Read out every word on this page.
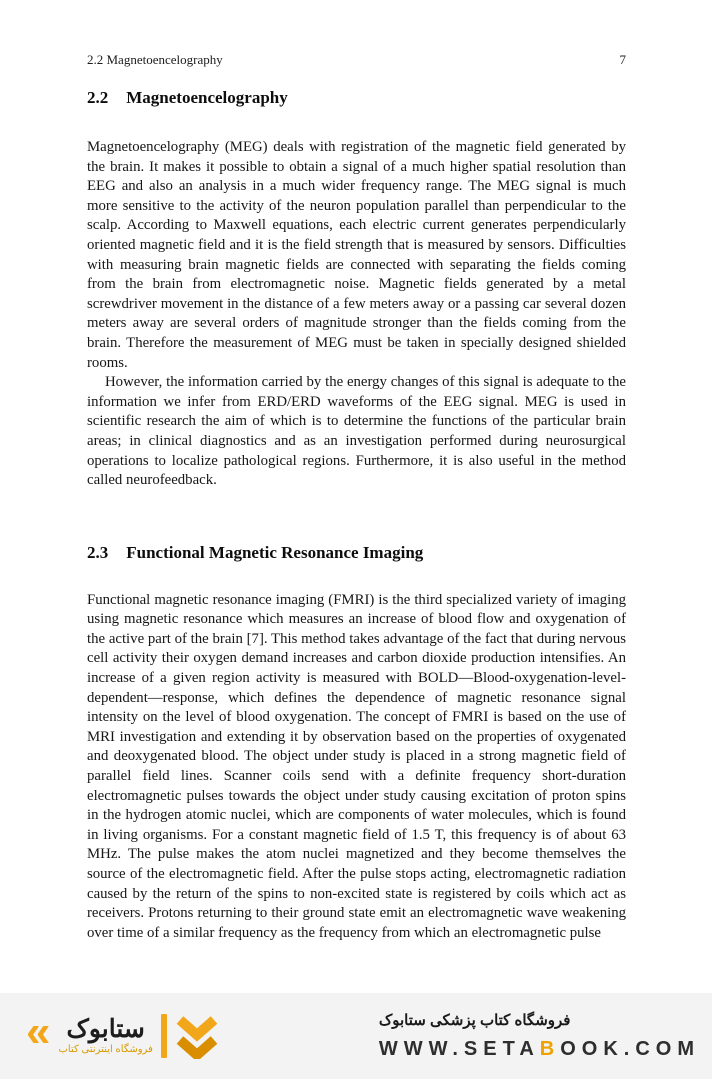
2.2 Magnetoencelography	7
2.2 Magnetoencelography

Magnetoencelography (MEG) deals with registration of the magnetic field generated by the brain. It makes it possible to obtain a signal of a much higher spatial resolution than EEG and also an analysis in a much wider frequency range. The MEG signal is much more sensitive to the activity of the neuron population parallel than perpendicular to the scalp. According to Maxwell equations, each electric current generates perpendicularly oriented magnetic field and it is the field strength that is measured by sensors. Difficulties with measuring brain magnetic fields are connected with separating the fields coming from the brain from electromagnetic noise. Magnetic fields generated by a metal screwdriver movement in the distance of a few meters away or a passing car several dozen meters away are several orders of magnitude stronger than the fields coming from the brain. Therefore the measurement of MEG must be taken in specially designed shielded rooms.

However, the information carried by the energy changes of this signal is adequate to the information we infer from ERD/ERD waveforms of the EEG signal. MEG is used in scientific research the aim of which is to determine the functions of the particular brain areas; in clinical diagnostics and as an investigation performed during neurosurgical operations to localize pathological regions. Furthermore, it is also useful in the method called neurofeedback.

2.3 Functional Magnetic Resonance Imaging

Functional magnetic resonance imaging (FMRI) is the third specialized variety of imaging using magnetic resonance which measures an increase of blood flow and oxygenation of the active part of the brain [7]. This method takes advantage of the fact that during nervous cell activity their oxygen demand increases and carbon dioxide production intensifies. An increase of a given region activity is measured with BOLD—Blood-oxygenation-level-dependent—response, which defines the dependence of magnetic resonance signal intensity on the level of blood oxygenation. The concept of FMRI is based on the use of MRI investigation and extending it by observation based on the properties of oxygenated and deoxygenated blood. The object under study is placed in a strong magnetic field of parallel field lines. Scanner coils send with a definite frequency short-duration electromagnetic pulses towards the object under study causing excitation of proton spins in the hydrogen atomic nuclei, which are components of water molecules, which is found in living organisms. For a constant magnetic field of 1.5 T, this frequency is of about 63 MHz. The pulse makes the atom nuclei magnetized and they become themselves the source of the electromagnetic field. After the pulse stops acting, electromagnetic radiation caused by the return of the spins to non-excited state is registered by coils which act as receivers. Protons returning to their ground state emit an electromagnetic wave weakening over time of a similar frequency as the frequency from which an electromagnetic pulse

« ستابوک
فروشگاه اینترنتی کتاب
فروشگاه کتاب پزشکی ستابوک
WWW.SETABOOK.COM
